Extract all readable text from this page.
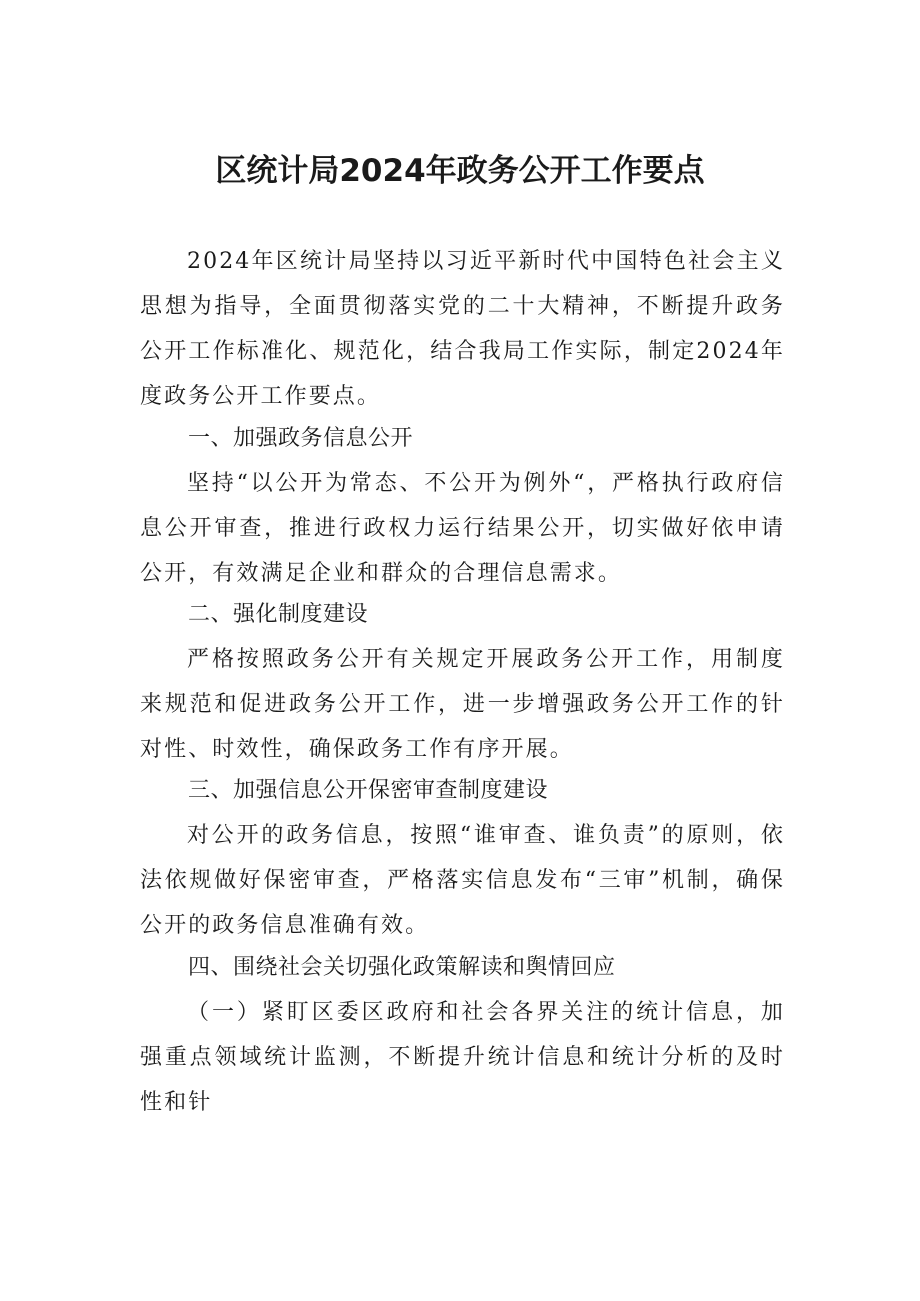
区统计局2024年政务公开工作要点

2024年区统计局坚持以习近平新时代中国特色社会主义思想为指导，全面贯彻落实党的二十大精神，不断提升政务公开工作标准化、规范化，结合我局工作实际，制定2024年度政务公开工作要点。

一、加强政务信息公开

坚持“以公开为常态、不公开为例外“，严格执行政府信息公开审查，推进行政权力运行结果公开，切实做好依申请公开，有效满足企业和群众的合理信息需求。

二、强化制度建设

严格按照政务公开有关规定开展政务公开工作，用制度来规范和促进政务公开工作，进一步增强政务公开工作的针对性、时效性，确保政务工作有序开展。

三、加强信息公开保密审查制度建设

对公开的政务信息，按照“谁审查、谁负责”的原则，依法依规做好保密审查，严格落实信息发布“三审”机制，确保公开的政务信息准确有效。

四、围绕社会关切强化政策解读和舆情回应

（一）紧盯区委区政府和社会各界关注的统计信息，加强重点领域统计监测，不断提升统计信息和统计分析的及时性和针
